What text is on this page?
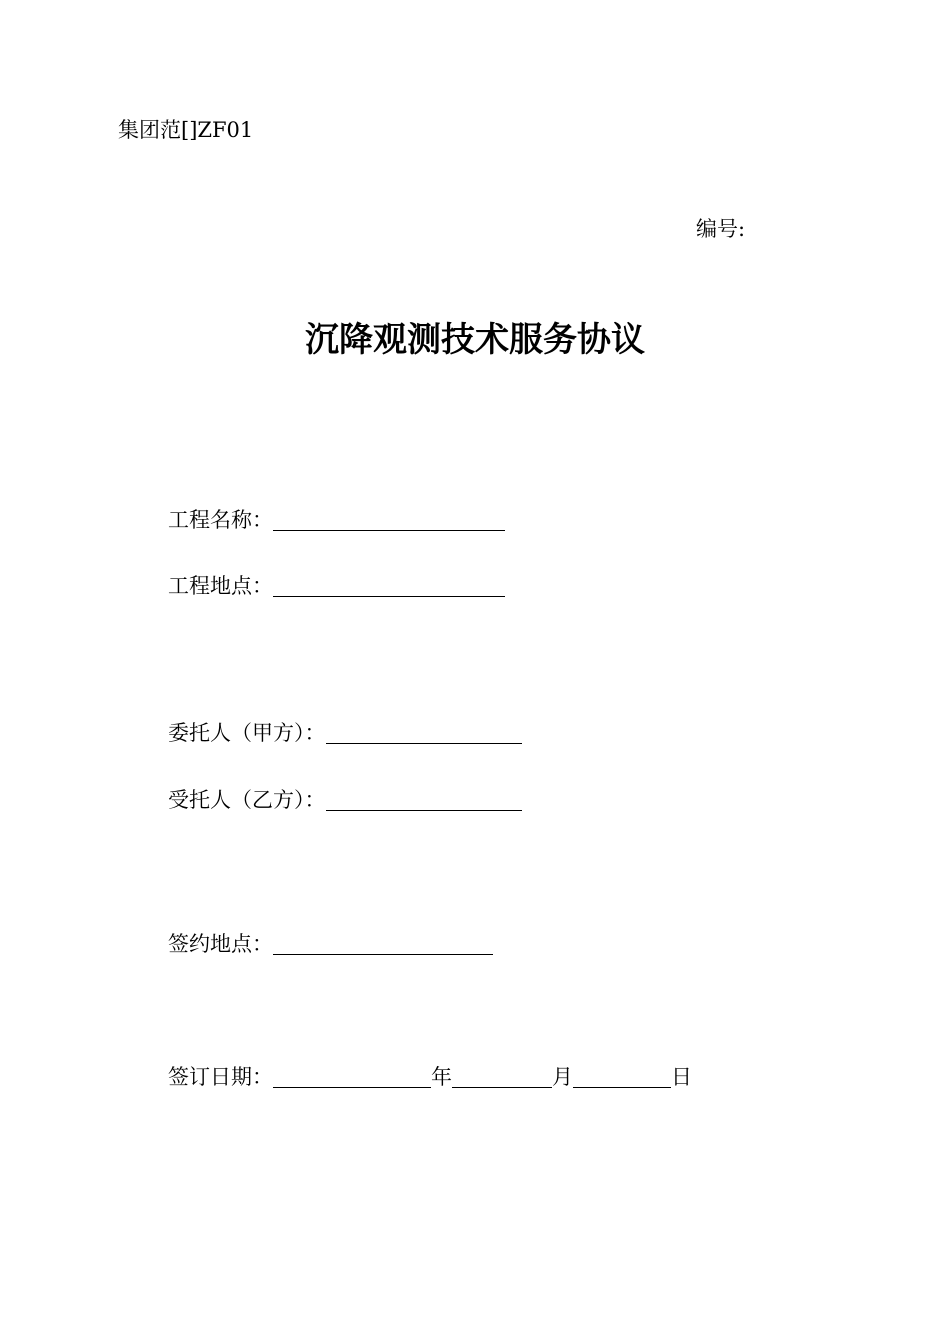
集团范[]ZF01
编号:
沉降观测技术服务协议
工程名称：
工程地点：
委托人（甲方）：
受托人（乙方）：
签约地点：
签订日期：	年	月	日
